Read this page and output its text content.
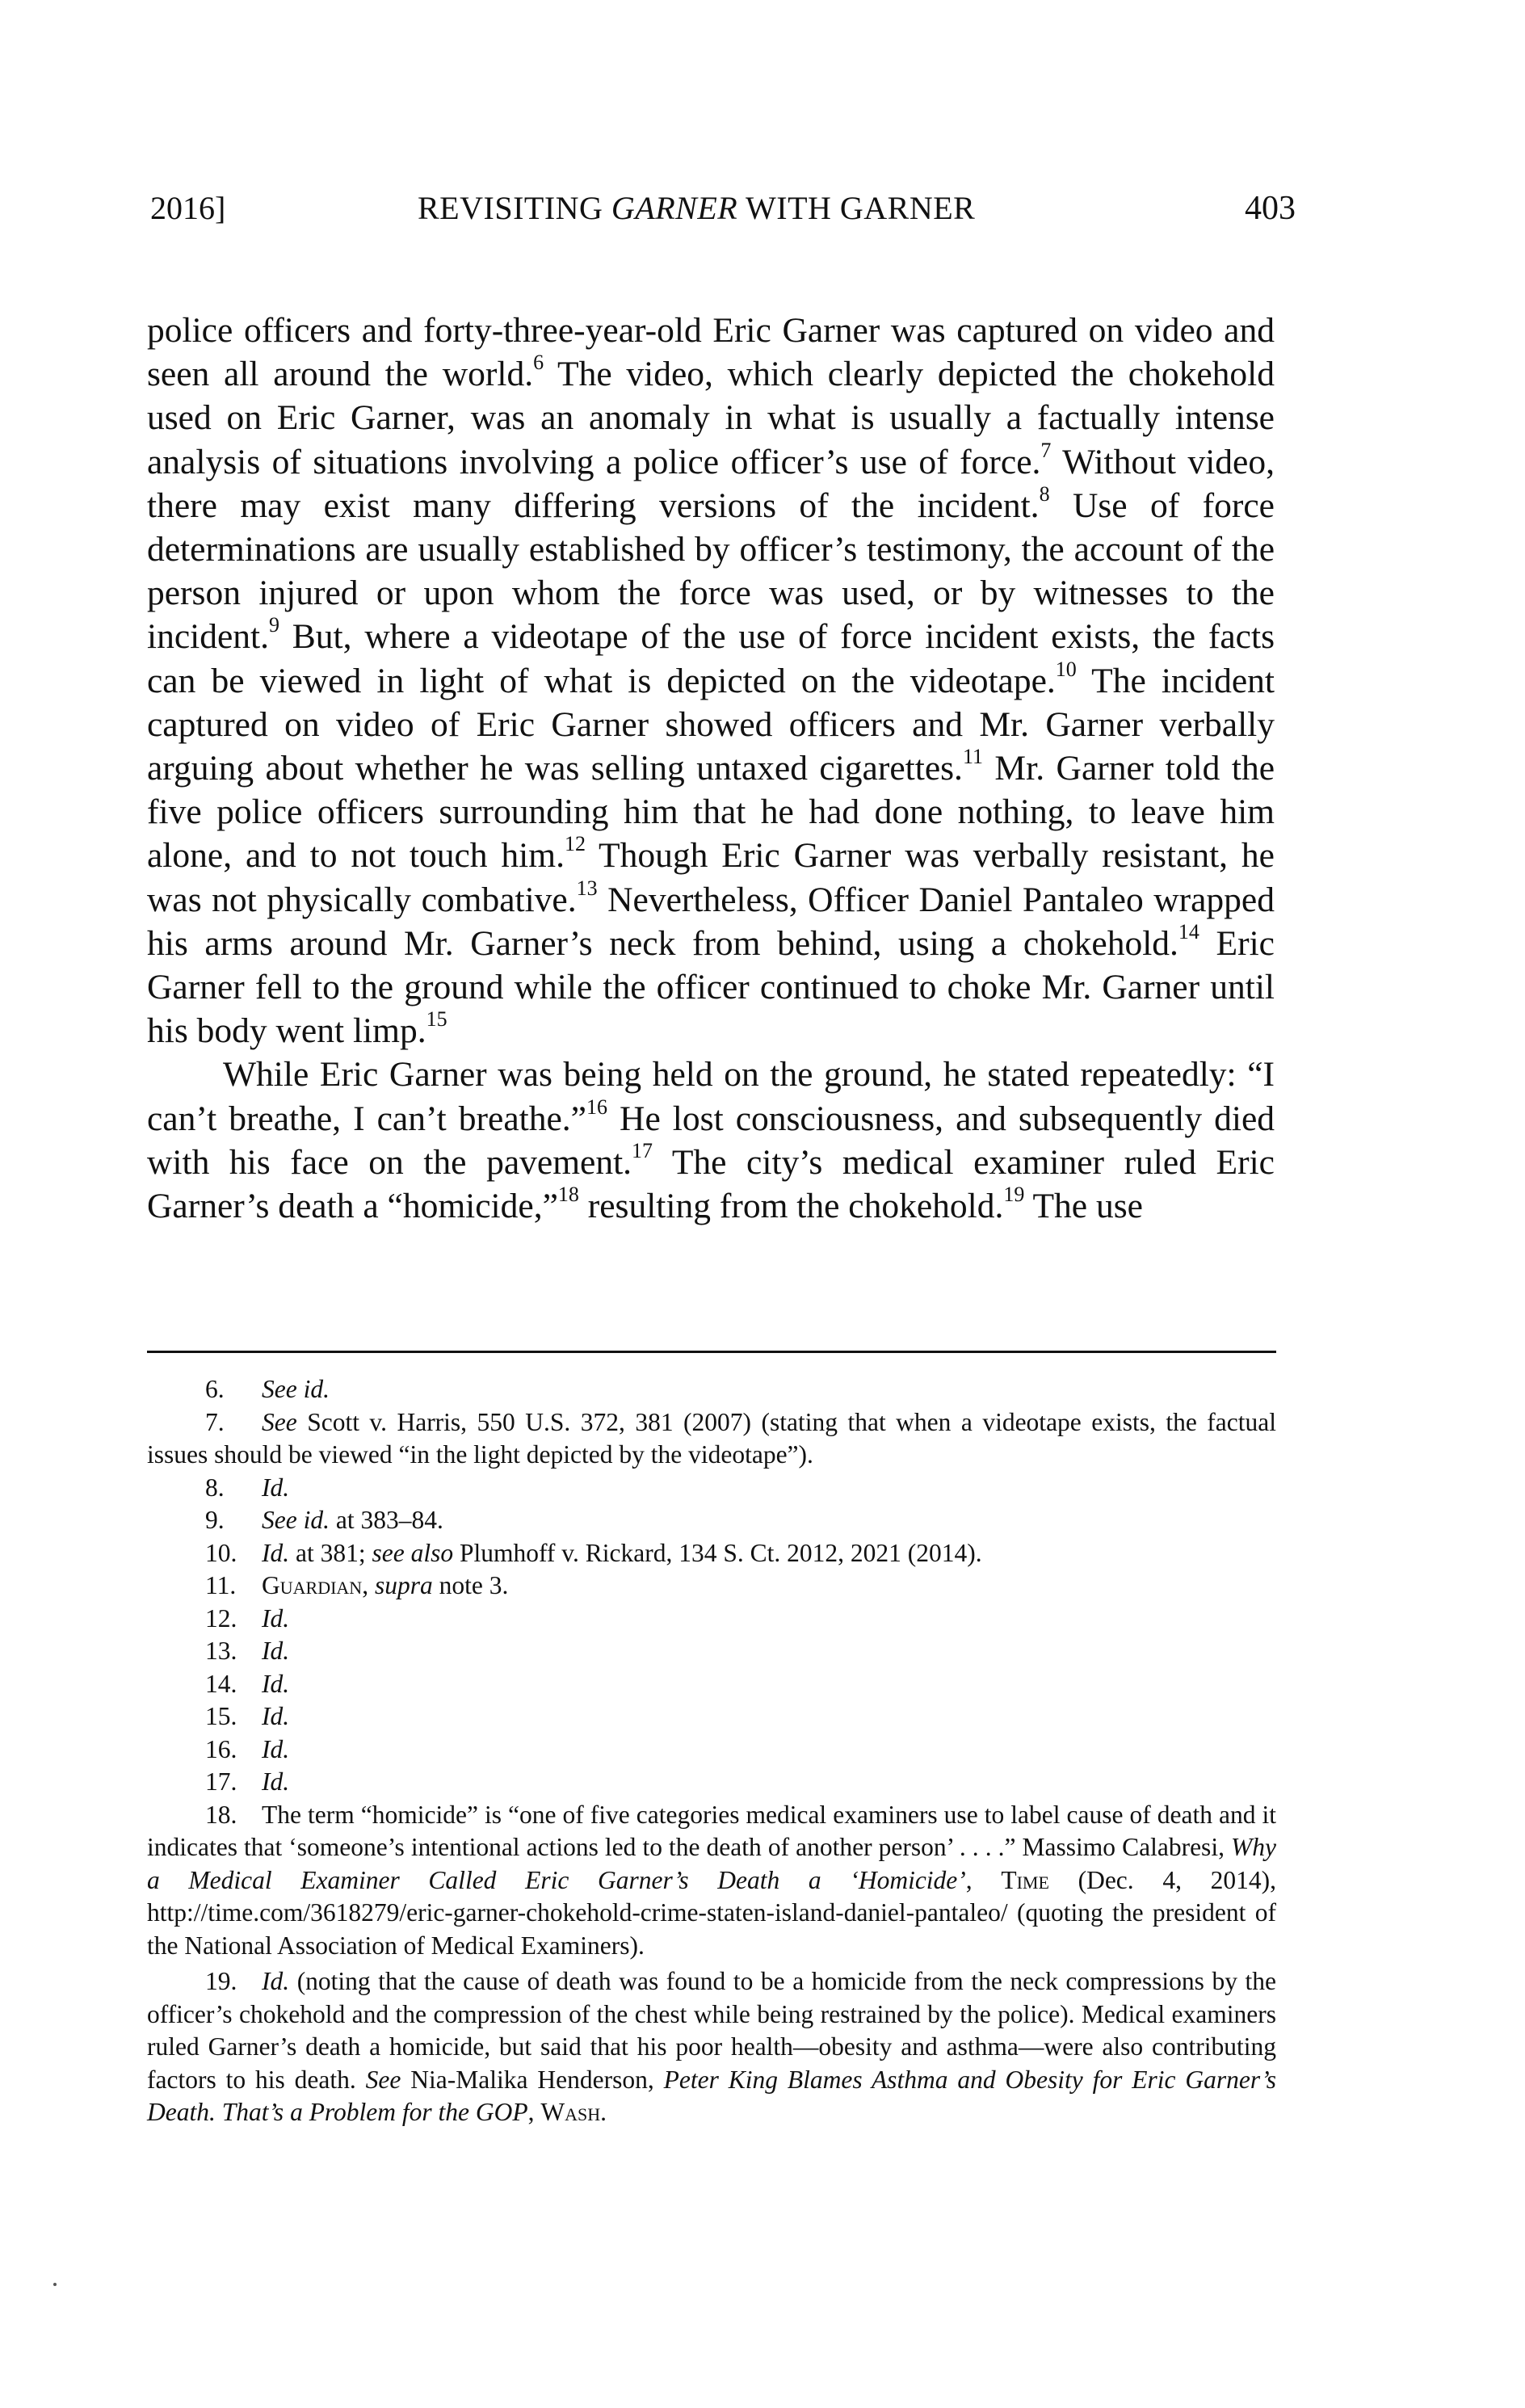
2016]	REVISITING GARNER WITH GARNER	403

police officers and forty-three-year-old Eric Garner was captured on video and seen all around the world.$^6$ The video, which clearly depicted the chokehold used on Eric Garner, was an anomaly in what is usually a factually intense analysis of situations involving a police officer’s use of force.$^7$ Without video, there may exist many differing versions of the incident.$^8$ Use of force determinations are usually established by officer’s testimony, the account of the person injured or upon whom the force was used, or by witnesses to the incident.$^9$ But, where a videotape of the use of force incident exists, the facts can be viewed in light of what is depicted on the videotape.$^{10}$ The incident captured on video of Eric Garner showed officers and Mr. Garner verbally arguing about whether he was selling untaxed cigarettes.$^{11}$ Mr. Garner told the five police officers surrounding him that he had done nothing, to leave him alone, and to not touch him.$^{12}$ Though Eric Garner was verbally resistant, he was not physically combative.$^{13}$ Nevertheless, Officer Daniel Pantaleo wrapped his arms around Mr. Garner’s neck from behind, using a chokehold.$^{14}$ Eric Garner fell to the ground while the officer continued to choke Mr. Garner until his body went limp.$^{15}$

While Eric Garner was being held on the ground, he stated repeatedly: “I can’t breathe, I can’t breathe.”$^{16}$ He lost consciousness, and subsequently died with his face on the pavement.$^{17}$ The city’s medical examiner ruled Eric Garner’s death a “homicide,”$^{18}$ resulting from the chokehold.$^{19}$ The use

6. See id.

7. See Scott v. Harris, 550 U.S. 372, 381 (2007) (stating that when a videotape exists, the factual issues should be viewed “in the light depicted by the videotape”).

8. Id.

9. See id. at 383–84.

10. Id. at 381; see also Plumhoff v. Rickard, 134 S. Ct. 2012, 2021 (2014).

11. Guardian, supra note 3.

12. Id.

13. Id.

14. Id.

15. Id.

16. Id.

17. Id.

18. The term “homicide” is “one of five categories medical examiners use to label cause of death and it indicates that ‘someone’s intentional actions led to the death of another person’ . . . .” Massimo Calabresi, Why a Medical Examiner Called Eric Garner’s Death a ‘Homicide’, Time (Dec. 4, 2014), http://time.com/3618279/eric-garner-chokehold-crime-staten-island-daniel-pantaleo/ (quoting the president of the National Association of Medical Examiners).

19. Id. (noting that the cause of death was found to be a homicide from the neck compressions by the officer’s chokehold and the compression of the chest while being restrained by the police). Medical examiners ruled Garner’s death a homicide, but said that his poor health—obesity and asthma—were also contributing factors to his death. See Nia-Malika Henderson, Peter King Blames Asthma and Obesity for Eric Garner’s Death. That’s a Problem for the GOP, Wash.
